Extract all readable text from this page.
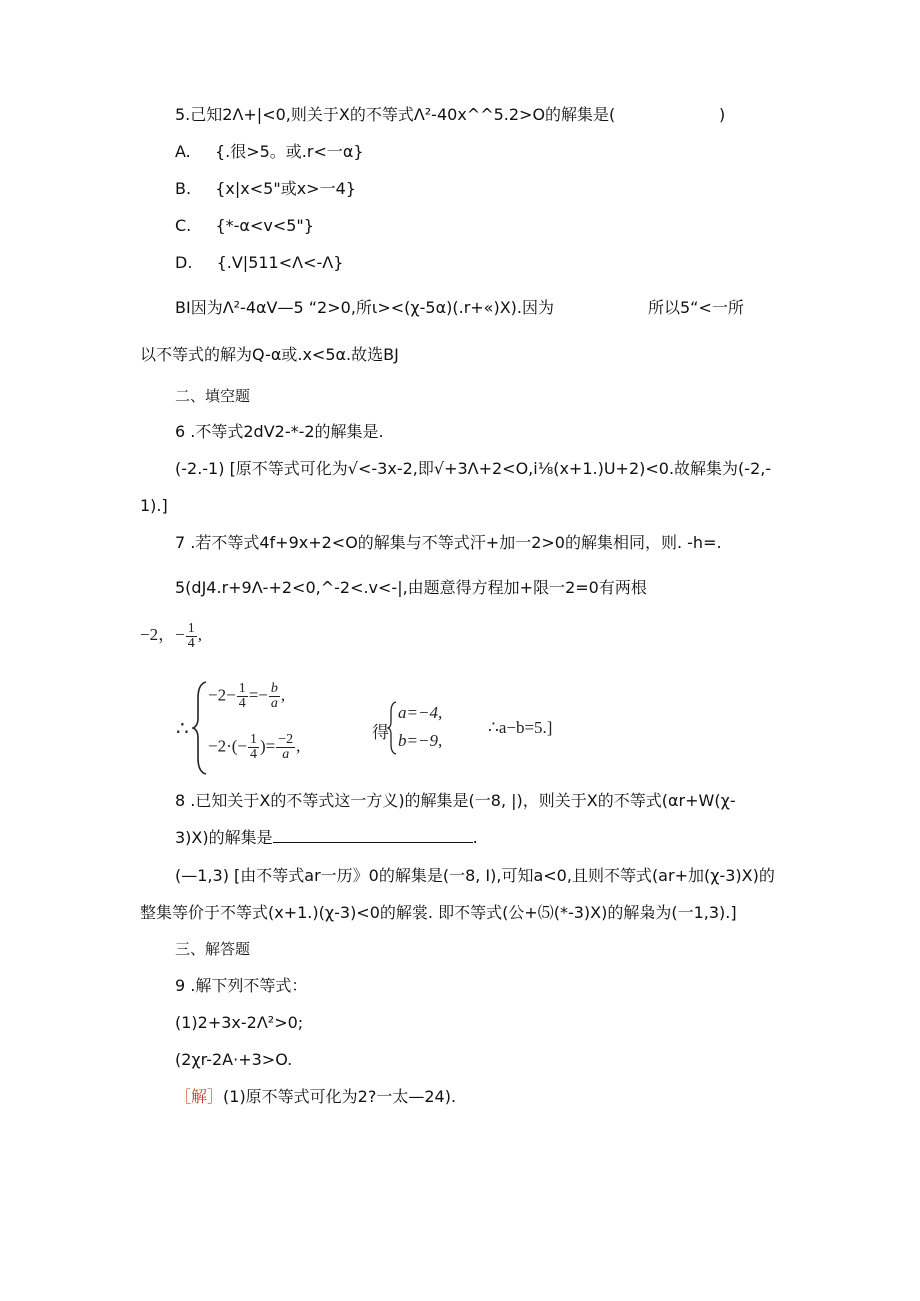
5.己知2Λ+|<0,则关于X的不等式Λ²-40x^^5.2>O的解集是(	)
A. {.很>5。或.r<一α}
B. {x|x<5"或x>一4}
C. {*-α<v<5"}
D. {.V|511<Λ<-Λ}
BI因为Λ²-4αV—5 “2>0,所ι><(χ-5α)(.r+«)X).因为	所以5“<一所
以不等式的解为Q-α或.x<5α.故选BJ
二、填空题
6 .不等式2dV2-*-2的解集是.
(-2.-1) [原不等式可化为√<-3x-2,即√+3Λ+2<O,i⅛(x+1.)U+2)<0.故解集为(-2,-
1).]
7 .若不等式4f+9x+2<O的解集与不等式汗+加一2>0的解集相同，则. -h=.
5(dJ4.r+9Λ-+2<0,^-2<.v<-|,由题意得方程加+限一2=0有两根
−2，− $\frac{1}{4}$ ,
∴
$-2- \frac{1}{4} =- \frac{b}{a}$ ,
$-2\cdot(- \frac{1}{4}$ )= $\frac{-2}{a}$ ,
得
a=−4,
b=−9,
∴a−b=5.]
8 .已知关于X的不等式这一方义)的解集是(一8, |)，则关于X的不等式(αr+W(χ-
3)X)的解集是	.
(—1,3) [由不等式ar一历》0的解集是(一8, I),可知a<0,且则不等式(ar+加(χ-3)X)的
整集等价于不等式(x+1.)(χ-3)<0的解裳. 即不等式(公+⑸(*-3)X)的解枭为(一1,3).]
三、解答题
9 .解下列不等式：
(1)2+3x-2Λ²>0;
(2χr-2A·+3>O.
［解］(1)原不等式可化为2?一太—24).
